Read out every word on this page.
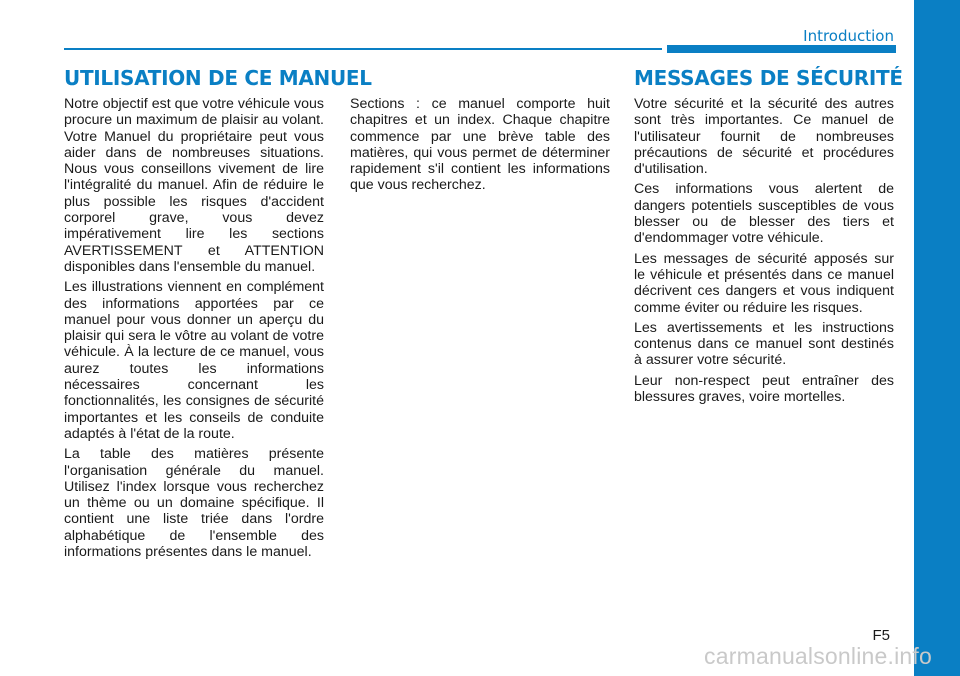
Introduction
UTILISATION DE CE MANUEL	MESSAGES DE SÉCURITÉ

Notre objectif est que votre véhicule vous procure un maximum de plaisir au volant. Votre Manuel du propriétaire peut vous aider dans de nombreuses situations. Nous vous conseillons vivement de lire l'intégralité du manuel. Afin de réduire le plus possible les risques d'accident corporel grave, vous devez impérativement lire les sections AVERTISSEMENT et ATTENTION disponibles dans l'ensemble du manuel.

Les illustrations viennent en complément des informations apportées par ce manuel pour vous donner un aperçu du plaisir qui sera le vôtre au volant de votre véhicule. À la lecture de ce manuel, vous aurez toutes les informations nécessaires concernant les fonctionnalités, les consignes de sécurité importantes et les conseils de conduite adaptés à l'état de la route.

La table des matières présente l'organisation générale du manuel. Utilisez l'index lorsque vous recherchez un thème ou un domaine spécifique. Il contient une liste triée dans l'ordre alphabétique de l'ensemble des informations présentes dans le manuel.

Sections : ce manuel comporte huit chapitres et un index. Chaque chapitre commence par une brève table des matières, qui vous permet de déterminer rapidement s'il contient les informations que vous recherchez.

Votre sécurité et la sécurité des autres sont très importantes. Ce manuel de l'utilisateur fournit de nombreuses précautions de sécurité et procédures d'utilisation.

Ces informations vous alertent de dangers potentiels susceptibles de vous blesser ou de blesser des tiers et d'endommager votre véhicule.

Les messages de sécurité apposés sur le véhicule et présentés dans ce manuel décrivent ces dangers et vous indiquent comme éviter ou réduire les risques.

Les avertissements et les instructions contenus dans ce manuel sont destinés à assurer votre sécurité.

Leur non-respect peut entraîner des blessures graves, voire mortelles.

F5
carmanualsonline.info
